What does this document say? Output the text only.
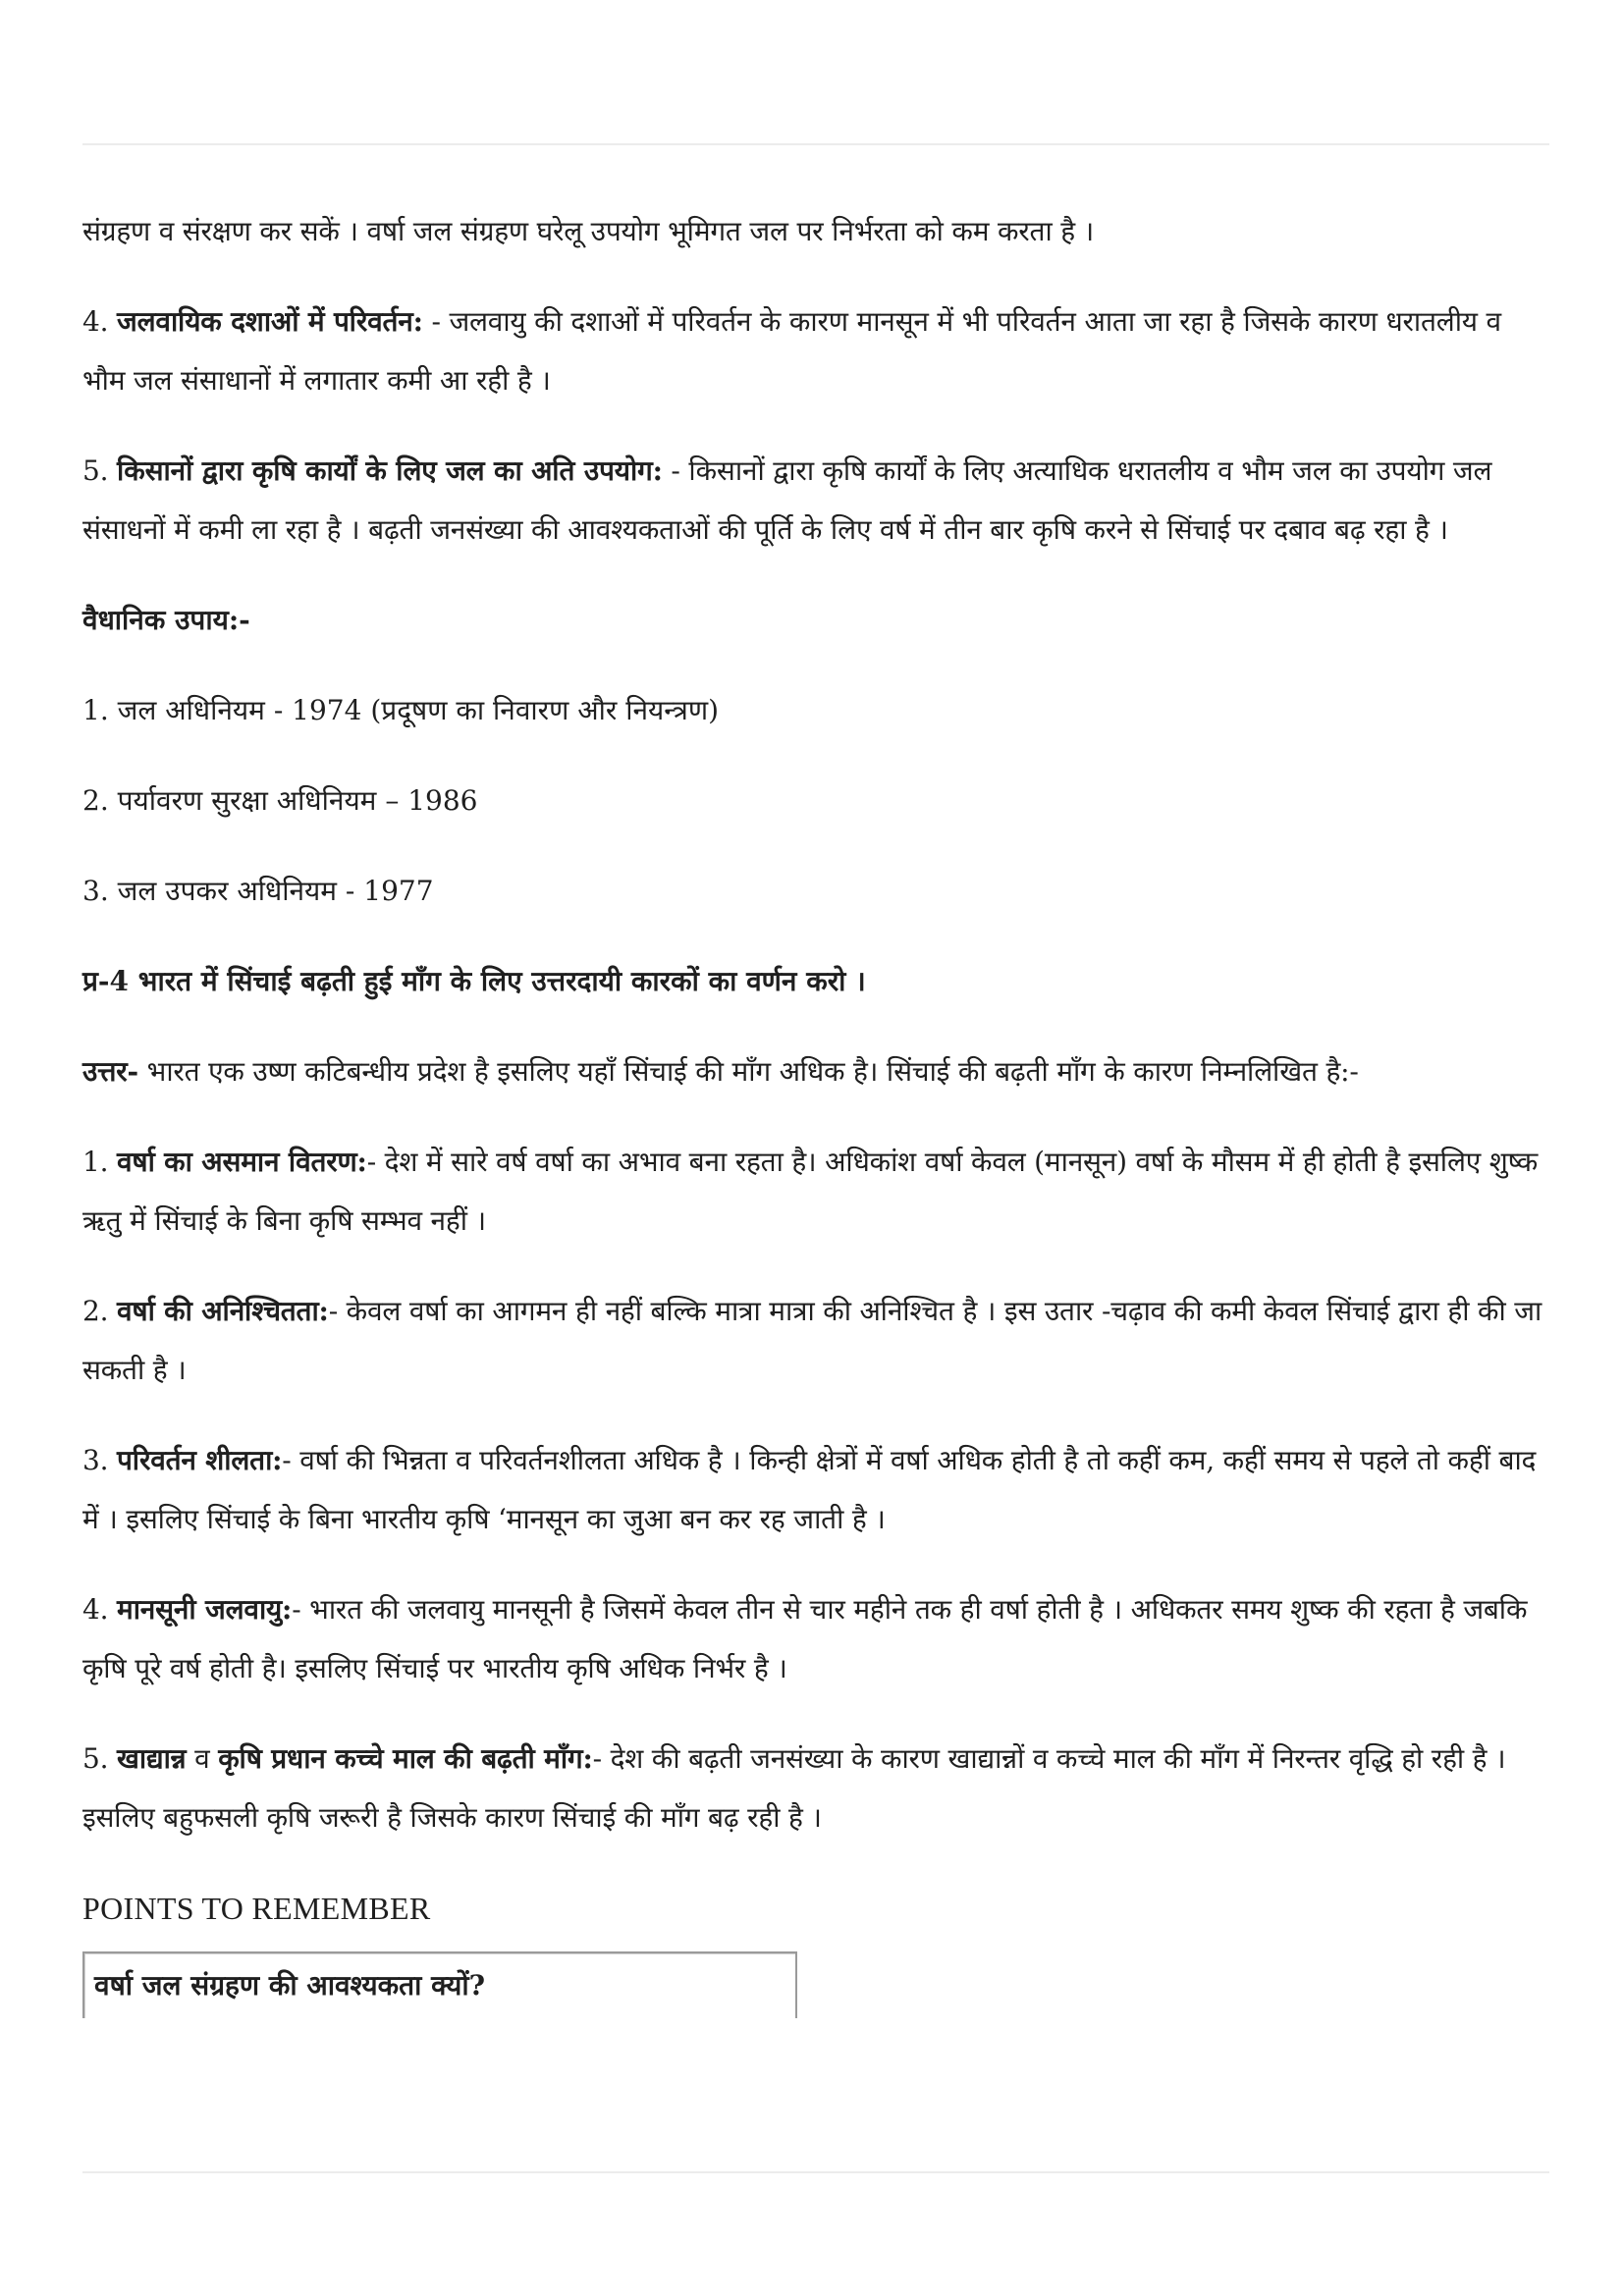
संग्रहण व संरक्षण कर सकें । वर्षा जल संग्रहण घरेलू उपयोग भूमिगत जल पर निर्भरता को कम करता है ।

4. जलवायिक दशाओं में परिवर्तन: - जलवायु की दशाओं में परिवर्तन के कारण मानसून में भी परिवर्तन आता जा रहा है जिसके कारण धरातलीय व भौम जल संसाधानों में लगातार कमी आ रही है ।

5. किसानों द्वारा कृषि कार्यों के लिए जल का अति उपयोग: - किसानों द्वारा कृषि कार्यों के लिए अत्याधिक धरातलीय व भौम जल का उपयोग जल संसाधनों में कमी ला रहा है । बढ़ती जनसंख्या की आवश्यकताओं की पूर्ति के लिए वर्ष में तीन बार कृषि करने से सिंचाई पर दबाव बढ़ रहा है ।

वैधानिक उपाय:-
1. जल अधिनियम - 1974 (प्रदूषण का निवारण और नियन्त्रण)
2. पर्यावरण सुरक्षा अधिनियम – 1986
3. जल उपकर अधिनियम - 1977
प्र-4 भारत में सिंचाई बढ़ती हुई माँग के लिए उत्तरदायी कारकों का वर्णन करो ।

उत्तर- भारत एक उष्ण कटिबन्धीय प्रदेश है इसलिए यहाँ सिंचाई की माँग अधिक है। सिंचाई की बढ़ती माँग के कारण निम्नलिखित है:-

1. वर्षा का असमान वितरण:- देश में सारे वर्ष वर्षा का अभाव बना रहता है। अधिकांश वर्षा केवल (मानसून) वर्षा के मौसम में ही होती है इसलिए शुष्क ऋतु में सिंचाई के बिना कृषि सम्भव नहीं ।

2. वर्षा की अनिश्चितता:- केवल वर्षा का आगमन ही नहीं बल्कि मात्रा मात्रा की अनिश्चित है । इस उतार -चढ़ाव की कमी केवल सिंचाई द्वारा ही की जा सकती है ।

3. परिवर्तन शीलता:- वर्षा की भिन्नता व परिवर्तनशीलता अधिक है । किन्ही क्षेत्रों में वर्षा अधिक होती है तो कहीं कम, कहीं समय से पहले तो कहीं बाद में । इसलिए सिंचाई के बिना भारतीय कृषि ‘मानसून का जुआ बन कर रह जाती है ।

4. मानसूनी जलवायु:- भारत की जलवायु मानसूनी है जिसमें केवल तीन से चार महीने तक ही वर्षा होती है । अधिकतर समय शुष्क की रहता है जबकि कृषि पूरे वर्ष होती है। इसलिए सिंचाई पर भारतीय कृषि अधिक निर्भर है ।

5. खाद्यान्न व कृषि प्रधान कच्चे माल की बढ़ती माँग:- देश की बढ़ती जनसंख्या के कारण खाद्यान्नों व कच्चे माल की माँग में निरन्तर वृद्धि हो रही है । इसलिए बहुफसली कृषि जरूरी है जिसके कारण सिंचाई की माँग बढ़ रही है ।

POINTS TO REMEMBER
वर्षा जल संग्रहण की आवश्यकता क्यों?
